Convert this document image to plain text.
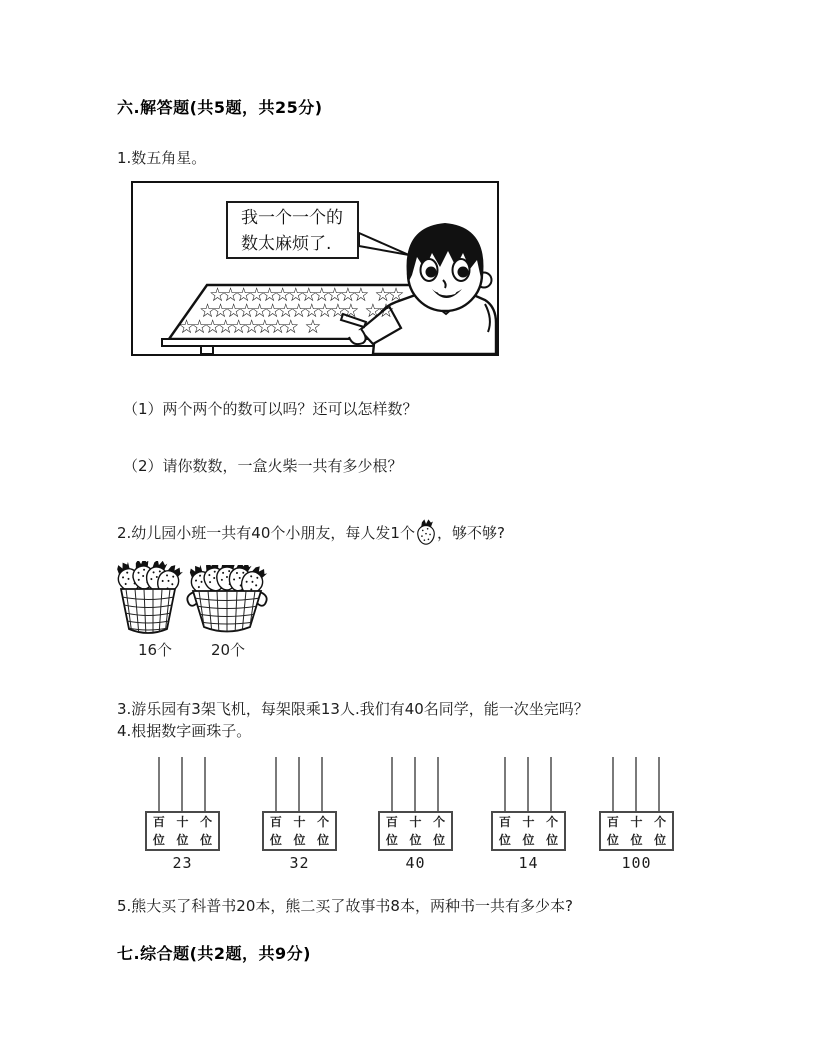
六.解答题(共5题，共25分)
1.数五角星。
我一个一个的
数太麻烦了.
☆☆☆☆☆☆☆☆☆☆☆☆ ☆☆
☆☆☆☆☆☆☆☆☆☆☆☆ ☆☆
☆☆☆☆☆☆☆☆☆ ☆
（1）两个两个的数可以吗？还可以怎样数？
（2）请你数数，一盒火柴一共有多少根？
2.幼儿园小班一共有40个小朋友，每人发1个 ，够不够?
16个	20个
3.游乐园有3架飞机，每架限乘13人.我们有40名同学，能一次坐完吗？
4.根据数字画珠子。
百 十 个
位 位 位
23
百 十 个
位 位 位
32
百 十 个
位 位 位
40
百 十 个
位 位 位
14
百 十 个
位 位 位
100
5.熊大买了科普书20本，熊二买了故事书8本，两种书一共有多少本?
七.综合题(共2题，共9分)
